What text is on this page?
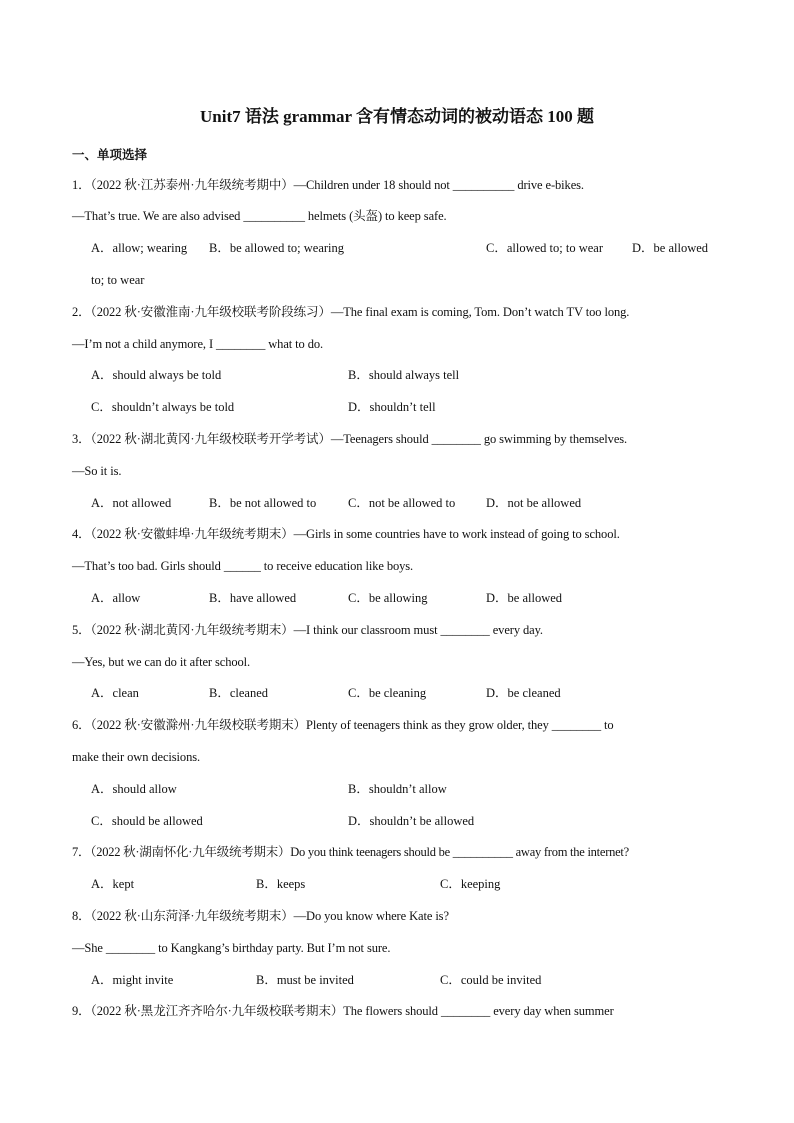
Unit7 语法 grammar 含有情态动词的被动语态 100 题
一、单项选择
1．（2022 秋·江苏泰州·九年级统考期中）—Children under 18 should not __________ drive e-bikes.
—That’s true. We are also advised __________ helmets (头盔) to keep safe.
A．allow; wearing B．be allowed to; wearing	C．allowed to; to wear D．be allowed
to; to wear
2．（2022 秋·安徽淮南·九年级校联考阶段练习）—The final exam is coming, Tom. Don’t watch TV too long.
—I’m not a child anymore, I ________ what to do.
A．should always be told	B．should always tell
C．shouldn’t always be told	D．shouldn’t tell
3．（2022 秋·湖北黄冈·九年级校联考开学考试）—Teenagers should ________ go swimming by themselves.
—So it is.
A．not allowed	B．be not allowed to	C．not be allowed to D．not be allowed
4．（2022 秋·安徽蚌埠·九年级统考期末）—Girls in some countries have to work instead of going to school.
—That’s too bad. Girls should ______ to receive education like boys.
A．allow	B．have allowed	C．be allowing	D．be allowed
5．（2022 秋·湖北黄冈·九年级统考期末）—I think our classroom must ________ every day.
—Yes, but we can do it after school.
A．clean	B．cleaned	C．be cleaning	D．be cleaned
6．（2022 秋·安徽滁州·九年级校联考期末）Plenty of teenagers think as they grow older, they ________ to
make their own decisions.
A．should allow	B．shouldn’t allow
C．should be allowed	D．shouldn’t be allowed
7．（2022 秋·湖南怀化·九年级统考期末）Do you think teenagers should be __________ away from the internet?
A．kept	B．keeps	C．keeping
8．（2022 秋·山东菏泽·九年级统考期末）—Do you know where Kate is?
—She ________ to Kangkang’s birthday party. But I’m not sure.
A．might invite	B．must be invited	C．could be invited
9．（2022 秋·黑龙江齐齐哈尔·九年级校联考期末）The flowers should ________ every day when summer
